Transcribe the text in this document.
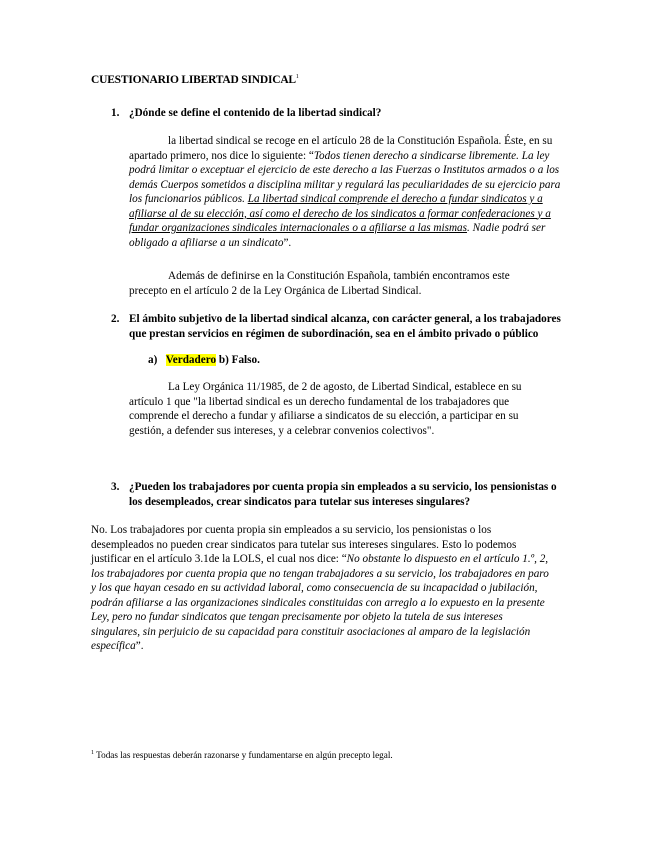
CUESTIONARIO LIBERTAD SINDICAL$^1$
1. ¿Dónde se define el contenido de la libertad sindical?
la libertad sindical se recoge en el artículo 28 de la Constitución Española. Éste, en su apartado primero, nos dice lo siguiente: “Todos tienen derecho a sindicarse libremente. La ley podrá limitar o exceptuar el ejercicio de este derecho a las Fuerzas o Institutos armados o a los demás Cuerpos sometidos a disciplina militar y regulará las peculiaridades de su ejercicio para los funcionarios públicos. La libertad sindical comprende el derecho a fundar sindicatos y a afiliarse al de su elección, así como el derecho de los sindicatos a formar confederaciones y a fundar organizaciones sindicales internacionales o a afiliarse a las mismas. Nadie podrá ser obligado a afiliarse a un sindicato”.
Además de definirse en la Constitución Española, también encontramos este precepto en el artículo 2 de la Ley Orgánica de Libertad Sindical.
2. El ámbito subjetivo de la libertad sindical alcanza, con carácter general, a los trabajadores que prestan servicios en régimen de subordinación, sea en el ámbito privado o público
a) Verdadero b) Falso.
La Ley Orgánica 11/1985, de 2 de agosto, de Libertad Sindical, establece en su artículo 1 que "la libertad sindical es un derecho fundamental de los trabajadores que comprende el derecho a fundar y afiliarse a sindicatos de su elección, a participar en su gestión, a defender sus intereses, y a celebrar convenios colectivos".
3. ¿Pueden los trabajadores por cuenta propia sin empleados a su servicio, los pensionistas o los desempleados, crear sindicatos para tutelar sus intereses singulares?
No. Los trabajadores por cuenta propia sin empleados a su servicio, los pensionistas o los desempleados no pueden crear sindicatos para tutelar sus intereses singulares. Esto lo podemos justificar en el artículo 3.1de la LOLS, el cual nos dice: “No obstante lo dispuesto en el artículo 1.º, 2, los trabajadores por cuenta propia que no tengan trabajadores a su servicio, los trabajadores en paro y los que hayan cesado en su actividad laboral, como consecuencia de su incapacidad o jubilación, podrán afiliarse a las organizaciones sindicales constituidas con arreglo a lo expuesto en la presente Ley, pero no fundar sindicatos que tengan precisamente por objeto la tutela de sus intereses singulares, sin perjuicio de su capacidad para constituir asociaciones al amparo de la legislación específica”.
$^1$ Todas las respuestas deberán razonarse y fundamentarse en algún precepto legal.
